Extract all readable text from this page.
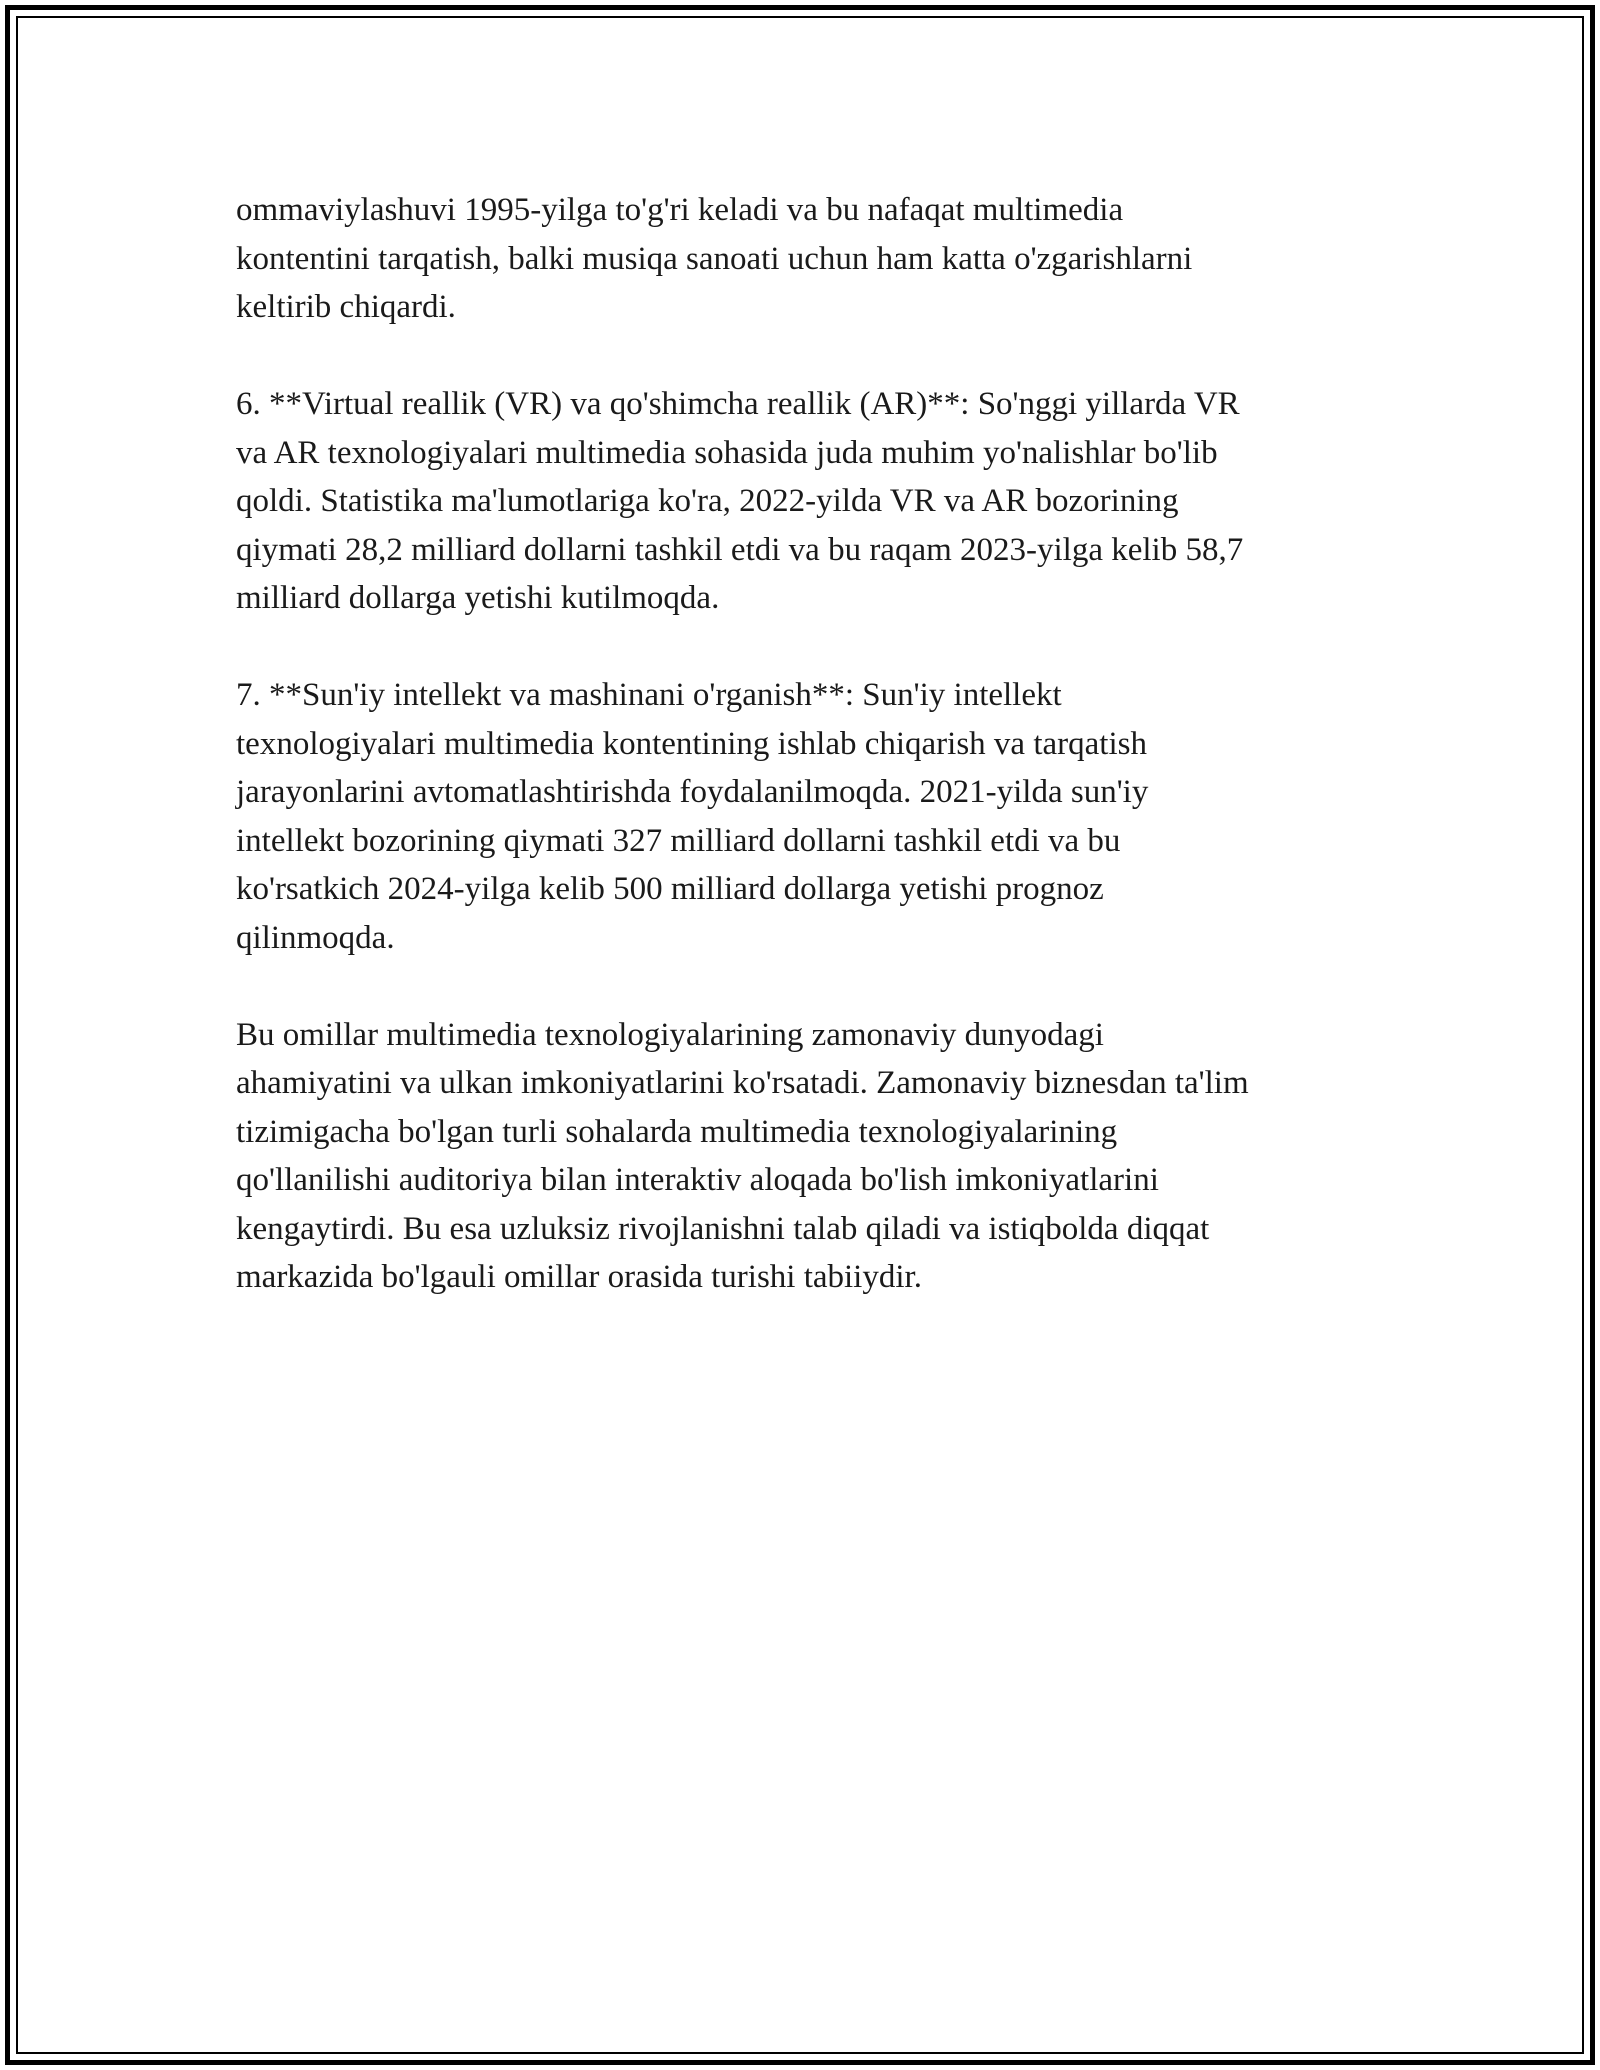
ommaviylashuvi 1995-yilga to'g'ri keladi va bu nafaqat multimedia
kontentini tarqatish, balki musiqa sanoati uchun ham katta o'zgarishlarni
keltirib chiqardi.

6. **Virtual reallik (VR) va qo'shimcha reallik (AR)**: So'nggi yillarda VR
va AR texnologiyalari multimedia sohasida juda muhim yo'nalishlar bo'lib
qoldi. Statistika ma'lumotlariga ko'ra, 2022-yilda VR va AR bozorining
qiymati 28,2 milliard dollarni tashkil etdi va bu raqam 2023-yilga kelib 58,7
milliard dollarga yetishi kutilmoqda.

7. **Sun'iy intellekt va mashinani o'rganish**: Sun'iy intellekt
texnologiyalari multimedia kontentining ishlab chiqarish va tarqatish
jarayonlarini avtomatlashtirishda foydalanilmoqda. 2021-yilda sun'iy
intellekt bozorining qiymati 327 milliard dollarni tashkil etdi va bu
ko'rsatkich 2024-yilga kelib 500 milliard dollarga yetishi prognoz
qilinmoqda.

Bu omillar multimedia texnologiyalarining zamonaviy dunyodagi
ahamiyatini va ulkan imkoniyatlarini ko'rsatadi. Zamonaviy biznesdan ta'lim
tizimigacha bo'lgan turli sohalarda multimedia texnologiyalarining
qo'llanilishi auditoriya bilan interaktiv aloqada bo'lish imkoniyatlarini
kengaytirdi. Bu esa uzluksiz rivojlanishni talab qiladi va istiqbolda diqqat
markazida bo'lgauli omillar orasida turishi tabiiydir.
